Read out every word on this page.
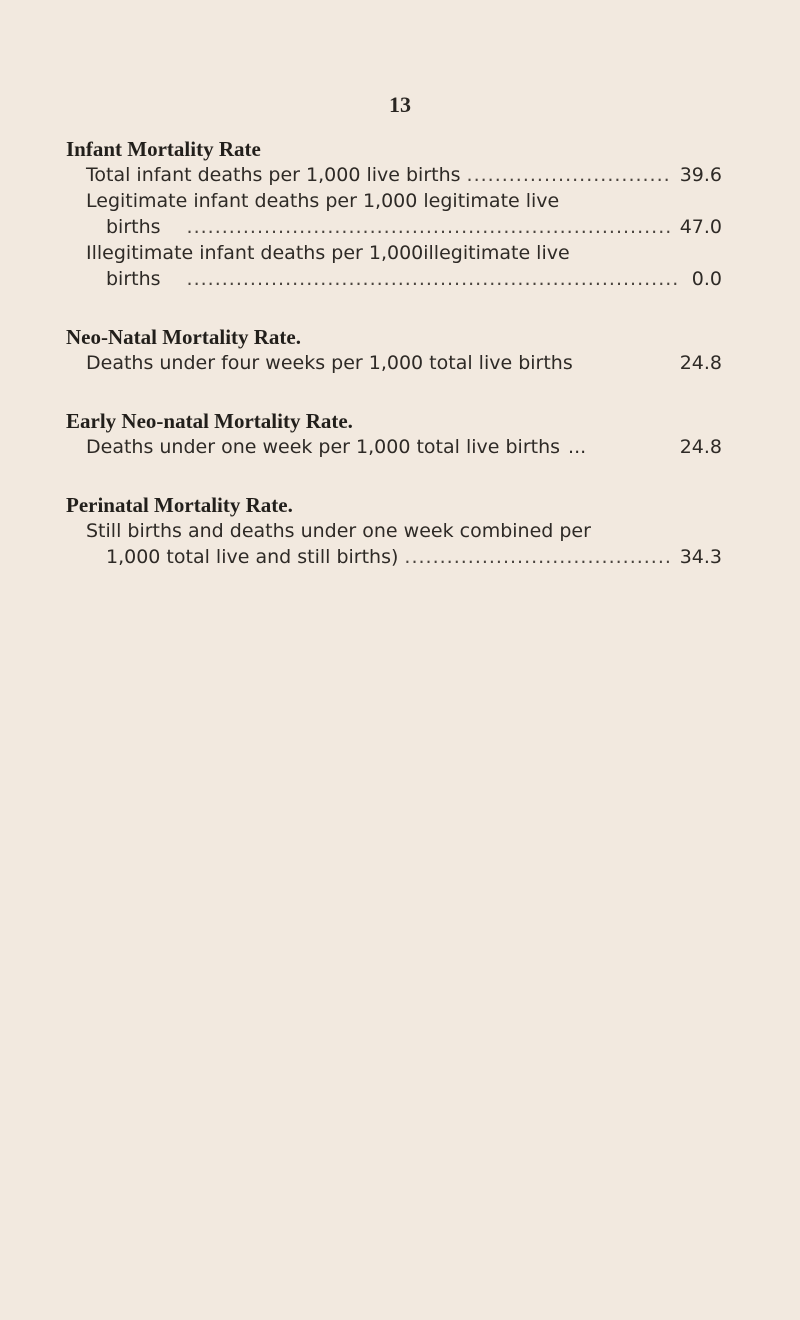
13
Infant Mortality Rate
Total infant deaths per 1,000 live births .....	39.6
Legitimate infant deaths per 1,000 legitimate live
births .....	47.0
Illegitimate infant deaths per 1,000illegitimate live
births .....	0.0
Neo-Natal Mortality Rate.
Deaths under four weeks per 1,000 total live births	24.8
Early Neo-natal Mortality Rate.
Deaths under one week per 1,000 total live births ...	24.8
Perinatal Mortality Rate.
Still births and deaths under one week combined per
1,000 total live and still births) .....	34.3
